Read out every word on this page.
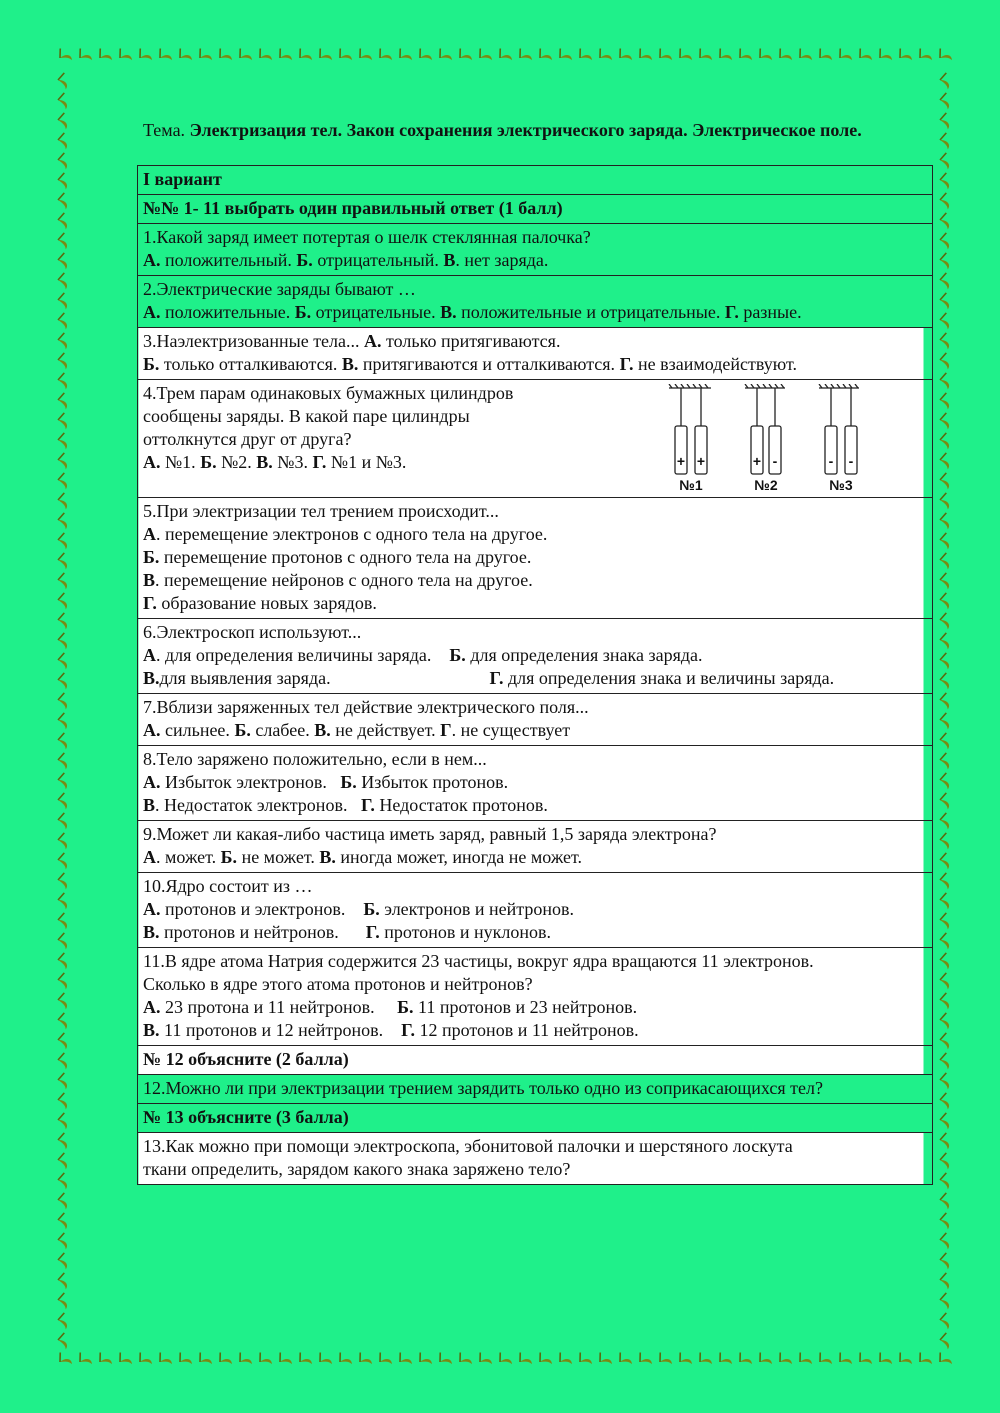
Тема. Электризация тел. Закон сохранения электрического заряда. Электрическое поле.
I вариант
№№ 1- 11 выбрать один правильный ответ (1 балл)

1.Какой заряд имеет потертая о шелк стеклянная палочка?
А. положительный. Б. отрицательный. В. нет заряда.

2.Электрические заряды бывают …
А. положительные. Б. отрицательные. В. положительные и отрицательные. Г. разные.

3.Наэлектризованные тела... А. только притягиваются.
Б. только отталкиваются. В. притягиваются и отталкиваются. Г. не взаимодействуют.

4.Трем парам одинаковых бумажных цилиндров
сообщены заряды. В какой паре цилиндры
оттолкнутся друг от друга?
А. №1. Б. №2. В. №3. Г. №1 и №3.	+ +	+ -	- -
№1	№2	№3

5.При электризации тел трением происходит...
А. перемещение электронов с одного тела на другое.
Б. перемещение протонов с одного тела на другое.
В. перемещение нейронов с одного тела на другое.
Г. образование новых зарядов.

6.Электроскоп используют...
А. для определения величины заряда.    Б. для определения знака заряда.
В.для выявления заряда.	Г. для определения знака и величины заряда.

7.Вблизи заряженных тел действие электрического поля...
А. сильнее. Б. слабее. В. не действует. Г. не существует

8.Тело заряжено положительно, если в нем...
А. Избыток электронов.   Б. Избыток протонов.
В. Недостаток электронов.   Г. Недостаток протонов.

9.Может ли какая-либо частица иметь заряд, равный 1,5 заряда электрона?
А. может. Б. не может. В. иногда может, иногда не может.

10.Ядро состоит из …
А. протонов и электронов.    Б. электронов и нейтронов.
В. протонов и нейтронов.      Г. протонов и нуклонов.

11.В ядре атома Натрия содержится 23 частицы, вокруг ядра вращаются 11 электронов.
Сколько в ядре этого атома протонов и нейтронов?
А. 23 протона и 11 нейтронов.     Б. 11 протонов и 23 нейтронов.
В. 11 протонов и 12 нейтронов.    Г. 12 протонов и 11 нейтронов.

№ 12 объясните (2 балла)
12.Можно ли при электризации трением зарядить только одно из соприкасающихся тел?
№ 13 объясните (3 балла)

13.Как можно при помощи электроскопа, эбонитовой палочки и шерстяного лоскута
ткани определить, зарядом какого знака заряжено тело?
